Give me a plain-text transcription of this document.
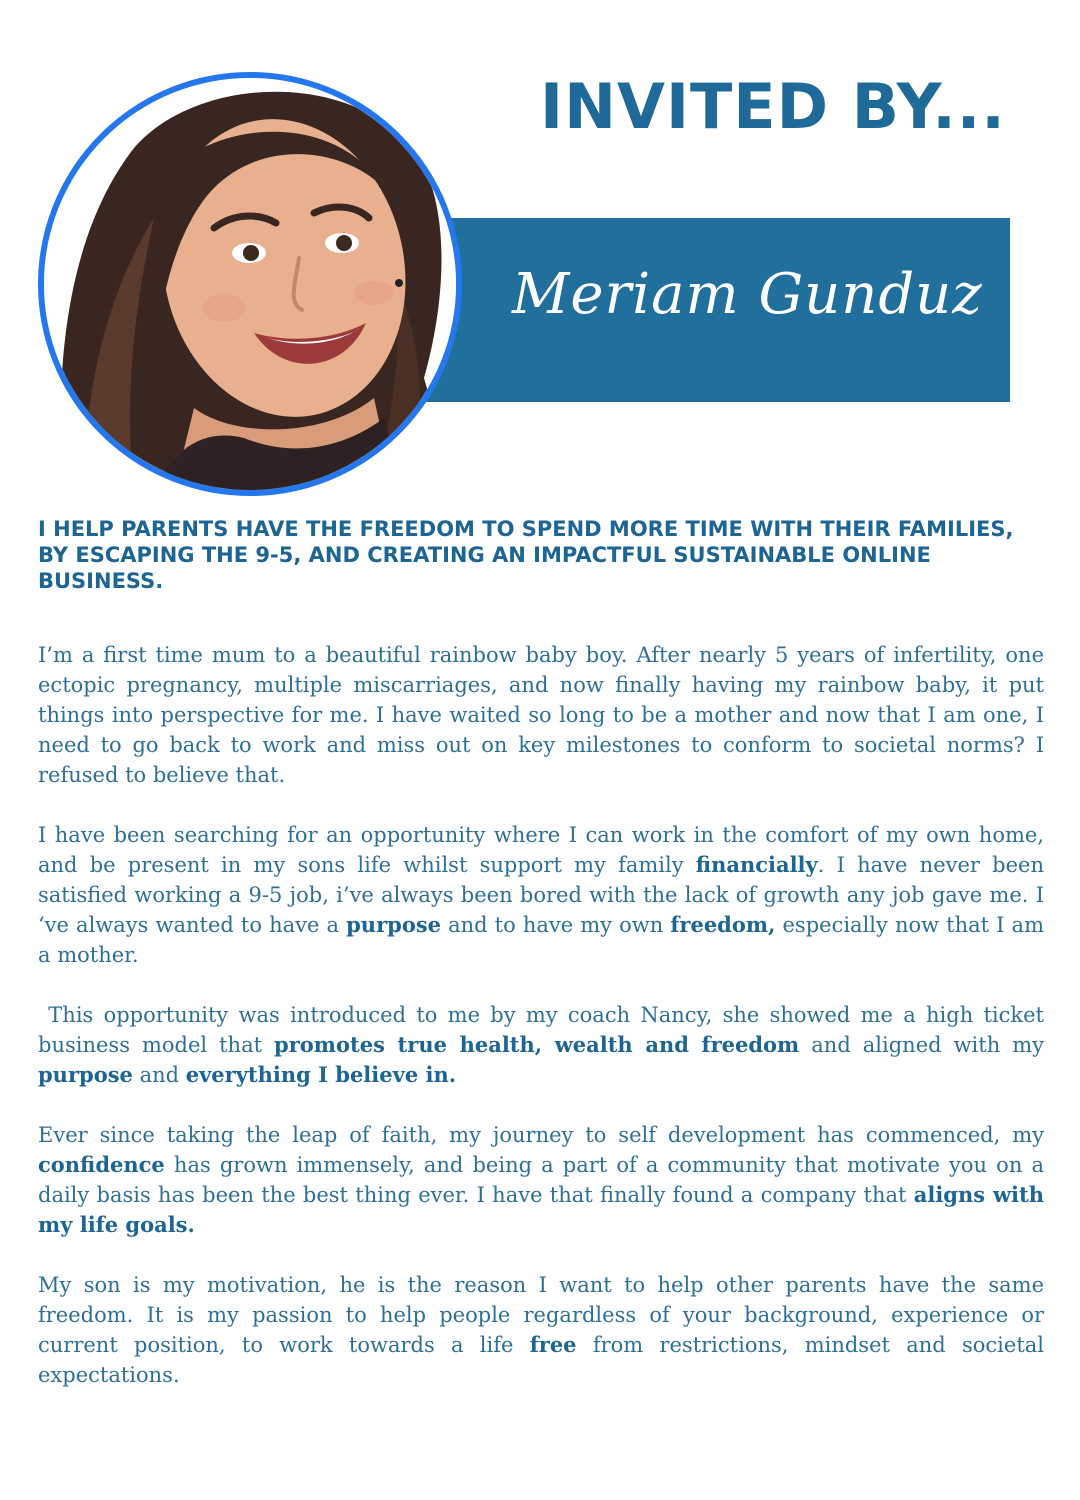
INVITED BY...
Meriam Gunduz

I HELP PARENTS HAVE THE FREEDOM TO SPEND MORE TIME WITH THEIR FAMILIES, BY ESCAPING THE 9-5, AND CREATING AN IMPACTFUL SUSTAINABLE ONLINE BUSINESS.

I’m a first time mum to a beautiful rainbow baby boy. After nearly 5 years of infertility, one ectopic pregnancy, multiple miscarriages, and now finally having my rainbow baby, it put things into perspective for me. I have waited so long to be a mother and now that I am one, I need to go back to work and miss out on key milestones to conform to societal norms? I refused to believe that.

I have been searching for an opportunity where I can work in the comfort of my own home, and be present in my sons life whilst support my family financially. I have never been satisfied working a 9-5 job, i’ve always been bored with the lack of growth any job gave me. I ‘ve always wanted to have a purpose and to have my own freedom, especially now that I am a mother.

This opportunity was introduced to me by my coach Nancy, she showed me a high ticket business model that promotes true health, wealth and freedom and aligned with my purpose and everything I believe in.

Ever since taking the leap of faith, my journey to self development has commenced, my confidence has grown immensely, and being a part of a community that motivate you on a daily basis has been the best thing ever. I have that finally found a company that aligns with my life goals.

My son is my motivation, he is the reason I want to help other parents have the same freedom. It is my passion to help people regardless of your background, experience or current position, to work towards a life free from restrictions, mindset and societal expectations.
